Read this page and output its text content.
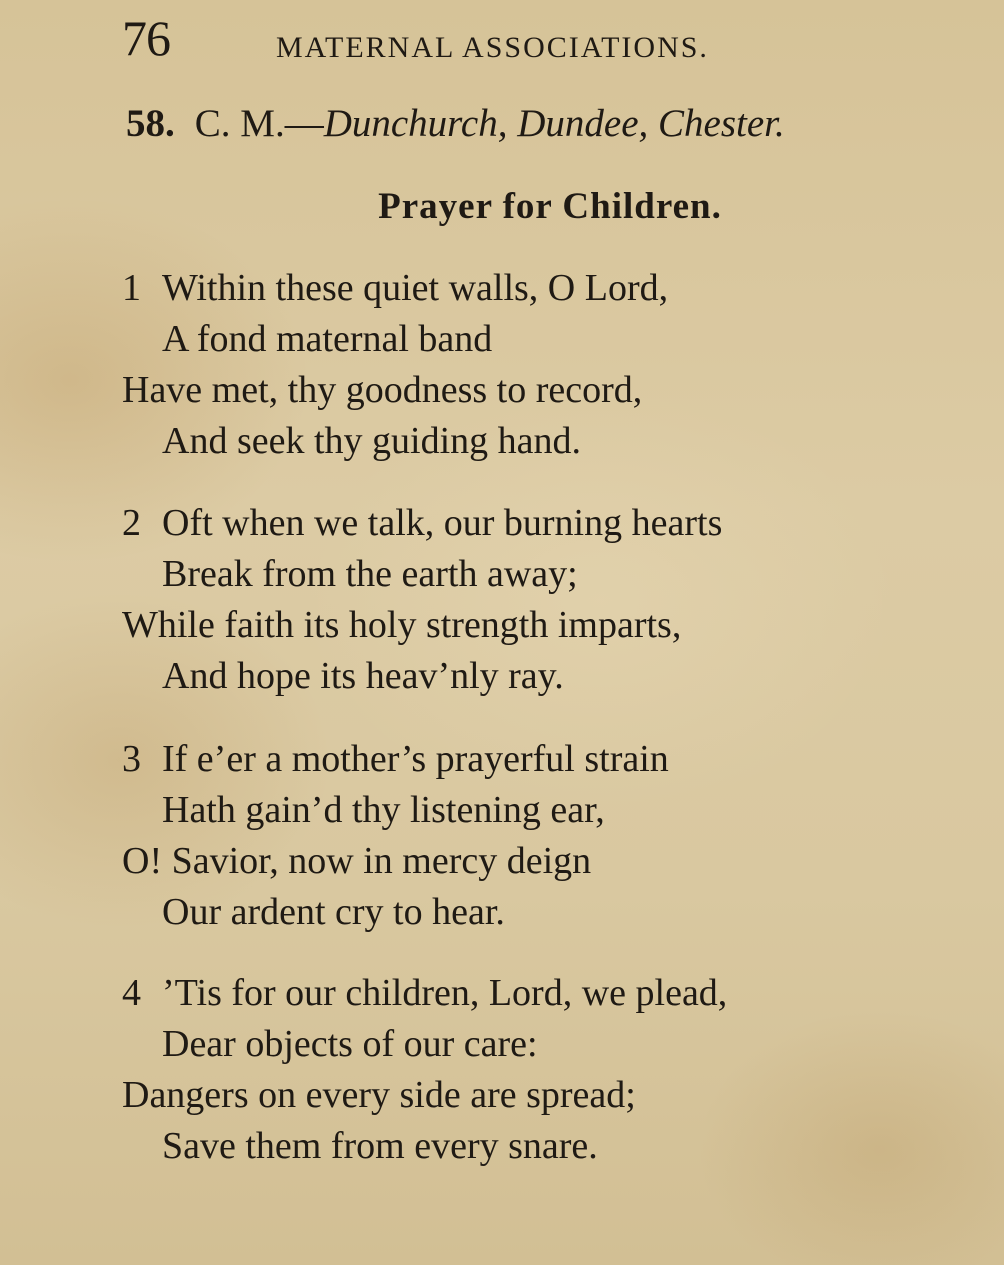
76	MATERNAL ASSOCIATIONS.
58. C. M.—Dunchurch, Dundee, Chester.
Prayer for Children.
1 Within these quiet walls, O Lord,
A fond maternal band
Have met, thy goodness to record,
And seek thy guiding hand.
2 Oft when we talk, our burning hearts
Break from the earth away;
While faith its holy strength imparts,
And hope its heav’nly ray.
3 If e’er a mother’s prayerful strain
Hath gain’d thy listening ear,
O! Savior, now in mercy deign
Our ardent cry to hear.
4 ’Tis for our children, Lord, we plead,
Dear objects of our care:
Dangers on every side are spread;
Save them from every snare.
